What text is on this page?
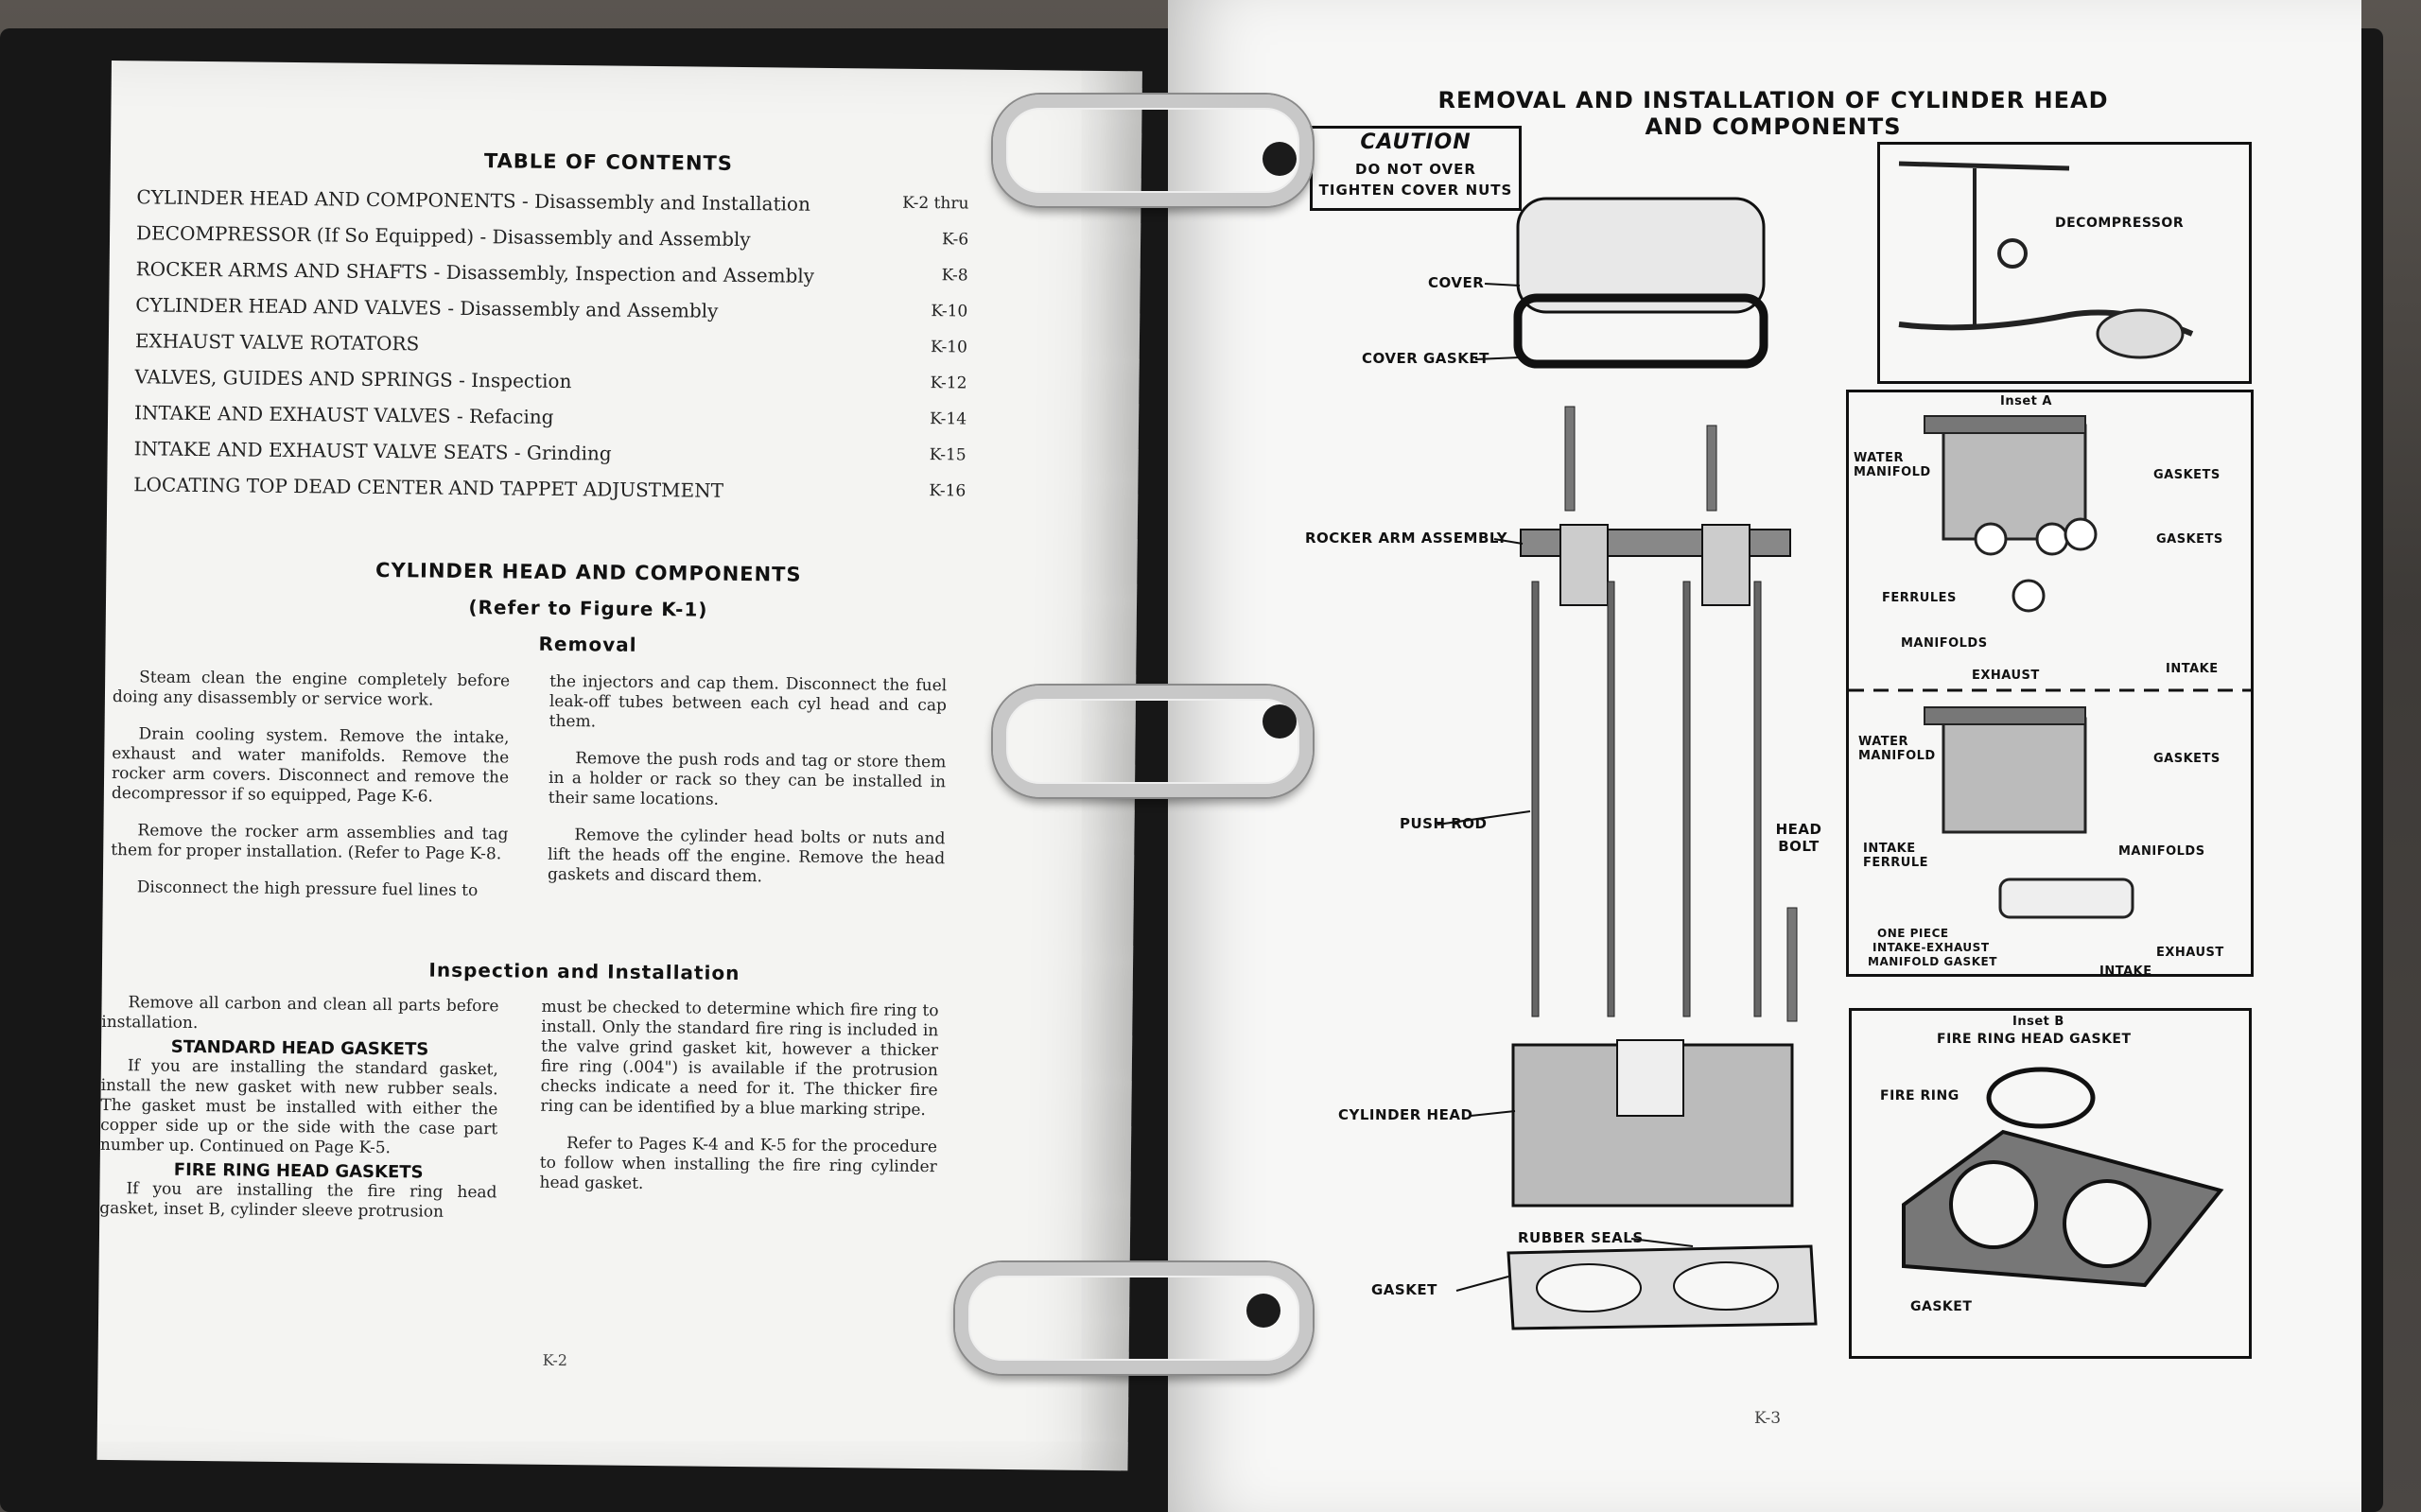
TABLE OF CONTENTS
CYLINDER HEAD AND COMPONENTS - Disassembly and Installation	K-2 thru
DECOMPRESSOR (If So Equipped) - Disassembly and Assembly	K-6
ROCKER ARMS AND SHAFTS - Disassembly, Inspection and Assembly	K-8
CYLINDER HEAD AND VALVES - Disassembly and Assembly	K-10
EXHAUST VALVE ROTATORS	K-10
VALVES, GUIDES AND SPRINGS - Inspection	K-12
INTAKE AND EXHAUST VALVES - Refacing	K-14
INTAKE AND EXHAUST VALVE SEATS - Grinding	K-15
LOCATING TOP DEAD CENTER AND TAPPET ADJUSTMENT	K-16
CYLINDER HEAD AND COMPONENTS
(Refer to Figure K-1)
Removal

Steam clean the engine completely before doing any disassembly or service work.

Drain cooling system. Remove the intake, exhaust and water manifolds. Remove the rocker arm covers. Disconnect and remove the decompressor if so equipped, Page K-6.

Remove the rocker arm assemblies and tag them for proper installation. (Refer to Page K-8.

Disconnect the high pressure fuel lines to

the injectors and cap them. Disconnect the fuel leak-off tubes between each cyl head and cap them.

Remove the push rods and tag or store them in a holder or rack so they can be installed in their same locations.

Remove the cylinder head bolts or nuts and lift the heads off the engine. Remove the head gaskets and discard them.

Inspection and Installation

Remove all carbon and clean all parts before installation.

STANDARD HEAD GASKETS

If you are installing the standard gasket, install the new gasket with new rubber seals. The gasket must be installed with either the copper side up or the side with the case part number up. Continued on Page K-5.

FIRE RING HEAD GASKETS

If you are installing the fire ring head gasket, inset B, cylinder sleeve protrusion

must be checked to determine which fire ring to install. Only the standard fire ring is included in the valve grind gasket kit, however a thicker fire ring (.004") is available if the protrusion checks indicate a need for it. The thicker fire ring can be identified by a blue marking stripe.

Refer to Pages K-4 and K-5 for the procedure to follow when installing the fire ring cylinder head gasket.

K-2
REMOVAL AND INSTALLATION OF CYLINDER HEAD
AND COMPONENTS
CAUTION
DO NOT OVER
TIGHTEN COVER NUTS
COVER
COVER GASKET
ROCKER ARM ASSEMBLY
PUSH ROD	HEAD BOLT
CYLINDER HEAD
RUBBER SEALS
GASKET
DECOMPRESSOR
Inset A
WATER MANIFOLD	GASKETS
GASKETS
FERRULES
MANIFOLDS
EXHAUST	INTAKE
WATER MANIFOLD	GASKETS
INTAKE FERRULE
MANIFOLDS
ONE PIECE
INTAKE-EXHAUST
MANIFOLD GASKET
EXHAUST
INTAKE
Inset B
FIRE RING HEAD GASKET
FIRE RING
GASKET
K-3
